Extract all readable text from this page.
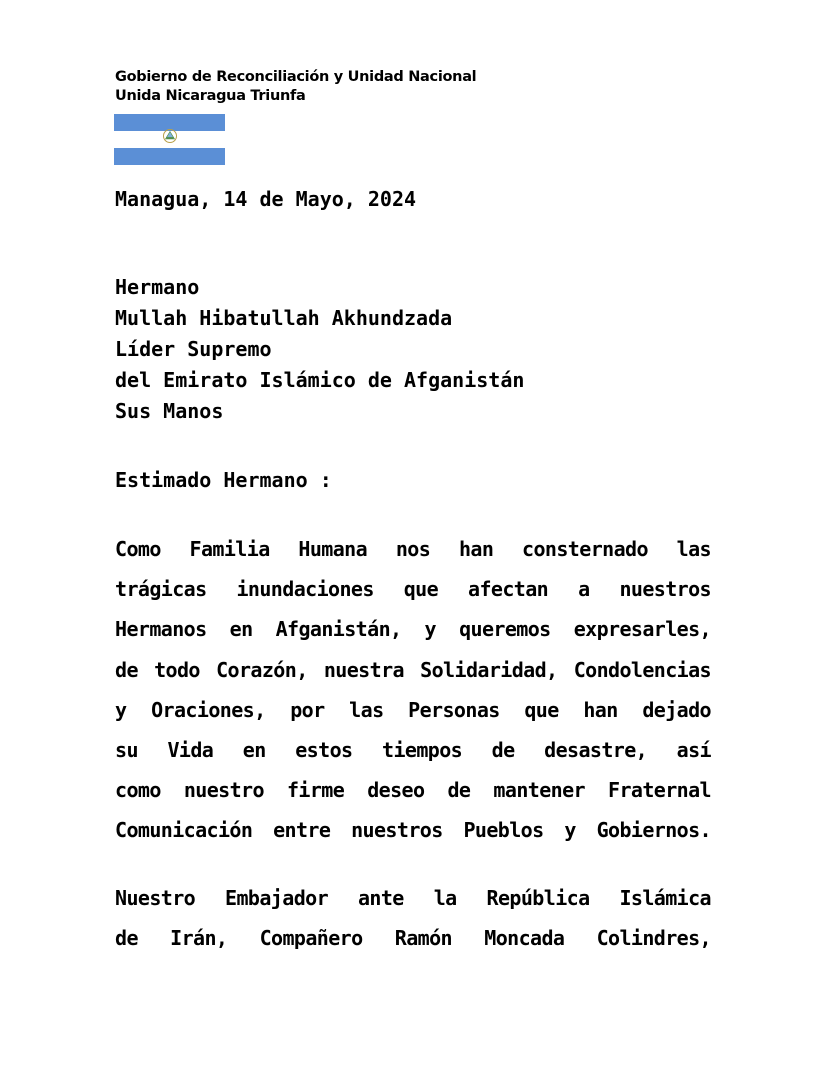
Gobierno de Reconciliación y Unidad Nacional
Unida Nicaragua Triunfa
Managua, 14 de Mayo, 2024
Hermano
Mullah Hibatullah Akhundzada
Líder Supremo
del Emirato Islámico de Afganistán
Sus Manos
Estimado Hermano :
Como Familia Humana nos han consternado las
trágicas inundaciones que afectan a nuestros
Hermanos en Afganistán, y queremos expresarles,
de todo Corazón, nuestra Solidaridad, Condolencias
y Oraciones, por las Personas que han dejado
su Vida en estos tiempos de desastre, así
como nuestro firme deseo de mantener Fraternal
Comunicación entre nuestros Pueblos y Gobiernos.
Nuestro Embajador ante la República Islámica
de Irán, Compañero Ramón Moncada Colindres,
